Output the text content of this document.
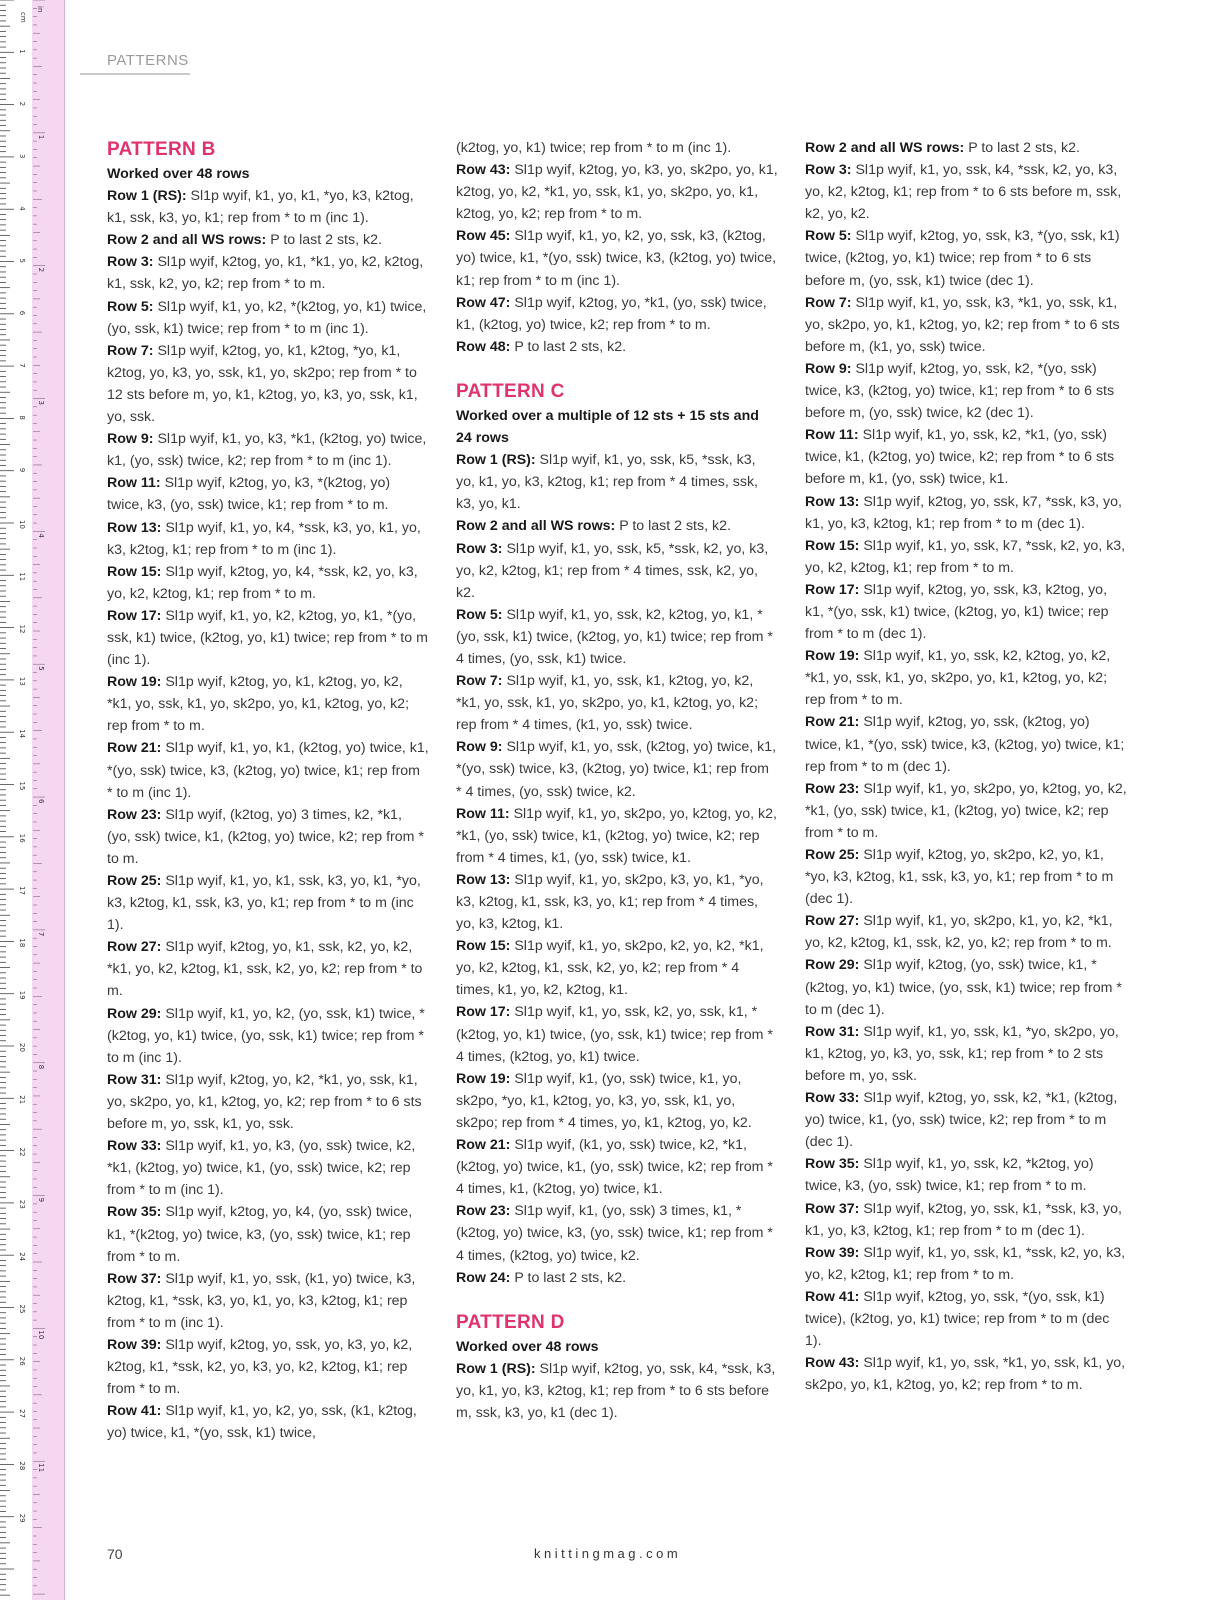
cm
1
2
3
4
5
6
7
8
9
10
11
12
13
14
15
16
17
18
19
20
21
22
23
24
25
26
27
28
29
in
1
2
3
4
5
6
7
8
9
10
11
PATTERNS
PATTERN B
Worked over 48 rows
Row 1 (RS): Sl1p wyif, k1, yo, k1, *yo, k3, k2tog, k1, ssk, k3, yo, k1; rep from * to m (inc 1).
Row 2 and all WS rows: P to last 2 sts, k2.
Row 3: Sl1p wyif, k2tog, yo, k1, *k1, yo, k2, k2tog, k1, ssk, k2, yo, k2; rep from * to m.
Row 5: Sl1p wyif, k1, yo, k2, *(k2tog, yo, k1) twice, (yo, ssk, k1) twice; rep from * to m (inc 1).
Row 7: Sl1p wyif, k2tog, yo, k1, k2tog, *yo, k1, k2tog, yo, k3, yo, ssk, k1, yo, sk2po; rep from * to 12 sts before m, yo, k1, k2tog, yo, k3, yo, ssk, k1, yo, ssk.
Row 9: Sl1p wyif, k1, yo, k3, *k1, (k2tog, yo) twice, k1, (yo, ssk) twice, k2; rep from * to m (inc 1).
Row 11: Sl1p wyif, k2tog, yo, k3, *(k2tog, yo) twice, k3, (yo, ssk) twice, k1; rep from * to m.
Row 13: Sl1p wyif, k1, yo, k4, *ssk, k3, yo, k1, yo, k3, k2tog, k1; rep from * to m (inc 1).
Row 15: Sl1p wyif, k2tog, yo, k4, *ssk, k2, yo, k3, yo, k2, k2tog, k1; rep from * to m.
Row 17: Sl1p wyif, k1, yo, k2, k2tog, yo, k1, *(yo, ssk, k1) twice, (k2tog, yo, k1) twice; rep from * to m (inc 1).
Row 19: Sl1p wyif, k2tog, yo, k1, k2tog, yo, k2, *k1, yo, ssk, k1, yo, sk2po, yo, k1, k2tog, yo, k2; rep from * to m.
Row 21: Sl1p wyif, k1, yo, k1, (k2tog, yo) twice, k1, *(yo, ssk) twice, k3, (k2tog, yo) twice, k1; rep from * to m (inc 1).
Row 23: Sl1p wyif, (k2tog, yo) 3 times, k2, *k1, (yo, ssk) twice, k1, (k2tog, yo) twice, k2; rep from * to m.
Row 25: Sl1p wyif, k1, yo, k1, ssk, k3, yo, k1, *yo, k3, k2tog, k1, ssk, k3, yo, k1; rep from * to m (inc 1).
Row 27: Sl1p wyif, k2tog, yo, k1, ssk, k2, yo, k2, *k1, yo, k2, k2tog, k1, ssk, k2, yo, k2; rep from * to m.
Row 29: Sl1p wyif, k1, yo, k2, (yo, ssk, k1) twice, *(k2tog, yo, k1) twice, (yo, ssk, k1) twice; rep from * to m (inc 1).
Row 31: Sl1p wyif, k2tog, yo, k2, *k1, yo, ssk, k1, yo, sk2po, yo, k1, k2tog, yo, k2; rep from * to 6 sts before m, yo, ssk, k1, yo, ssk.
Row 33: Sl1p wyif, k1, yo, k3, (yo, ssk) twice, k2, *k1, (k2tog, yo) twice, k1, (yo, ssk) twice, k2; rep from * to m (inc 1).
Row 35: Sl1p wyif, k2tog, yo, k4, (yo, ssk) twice, k1, *(k2tog, yo) twice, k3, (yo, ssk) twice, k1; rep from * to m.
Row 37: Sl1p wyif, k1, yo, ssk, (k1, yo) twice, k3, k2tog, k1, *ssk, k3, yo, k1, yo, k3, k2tog, k1; rep from * to m (inc 1).
Row 39: Sl1p wyif, k2tog, yo, ssk, yo, k3, yo, k2, k2tog, k1, *ssk, k2, yo, k3, yo, k2, k2tog, k1; rep from * to m.
Row 41: Sl1p wyif, k1, yo, k2, yo, ssk, (k1, k2tog, yo) twice, k1, *(yo, ssk, k1) twice,
(k2tog, yo, k1) twice; rep from * to m (inc 1).
Row 43: Sl1p wyif, k2tog, yo, k3, yo, sk2po, yo, k1, k2tog, yo, k2, *k1, yo, ssk, k1, yo, sk2po, yo, k1, k2tog, yo, k2; rep from * to m.
Row 45: Sl1p wyif, k1, yo, k2, yo, ssk, k3, (k2tog, yo) twice, k1, *(yo, ssk) twice, k3, (k2tog, yo) twice, k1; rep from * to m (inc 1).
Row 47: Sl1p wyif, k2tog, yo, *k1, (yo, ssk) twice, k1, (k2tog, yo) twice, k2; rep from * to m.
Row 48: P to last 2 sts, k2.
PATTERN C
Worked over a multiple of 12 sts + 15 sts and 24 rows
Row 1 (RS): Sl1p wyif, k1, yo, ssk, k5, *ssk, k3, yo, k1, yo, k3, k2tog, k1; rep from * 4 times, ssk, k3, yo, k1.
Row 2 and all WS rows: P to last 2 sts, k2.
Row 3: Sl1p wyif, k1, yo, ssk, k5, *ssk, k2, yo, k3, yo, k2, k2tog, k1; rep from * 4 times, ssk, k2, yo, k2.
Row 5: Sl1p wyif, k1, yo, ssk, k2, k2tog, yo, k1, *(yo, ssk, k1) twice, (k2tog, yo, k1) twice; rep from * 4 times, (yo, ssk, k1) twice.
Row 7: Sl1p wyif, k1, yo, ssk, k1, k2tog, yo, k2, *k1, yo, ssk, k1, yo, sk2po, yo, k1, k2tog, yo, k2; rep from * 4 times, (k1, yo, ssk) twice.
Row 9: Sl1p wyif, k1, yo, ssk, (k2tog, yo) twice, k1, *(yo, ssk) twice, k3, (k2tog, yo) twice, k1; rep from * 4 times, (yo, ssk) twice, k2.
Row 11: Sl1p wyif, k1, yo, sk2po, yo, k2tog, yo, k2, *k1, (yo, ssk) twice, k1, (k2tog, yo) twice, k2; rep from * 4 times, k1, (yo, ssk) twice, k1.
Row 13: Sl1p wyif, k1, yo, sk2po, k3, yo, k1, *yo, k3, k2tog, k1, ssk, k3, yo, k1; rep from * 4 times, yo, k3, k2tog, k1.
Row 15: Sl1p wyif, k1, yo, sk2po, k2, yo, k2, *k1, yo, k2, k2tog, k1, ssk, k2, yo, k2; rep from * 4 times, k1, yo, k2, k2tog, k1.
Row 17: Sl1p wyif, k1, yo, ssk, k2, yo, ssk, k1, *(k2tog, yo, k1) twice, (yo, ssk, k1) twice; rep from * 4 times, (k2tog, yo, k1) twice.
Row 19: Sl1p wyif, k1, (yo, ssk) twice, k1, yo, sk2po, *yo, k1, k2tog, yo, k3, yo, ssk, k1, yo, sk2po; rep from * 4 times, yo, k1, k2tog, yo, k2.
Row 21: Sl1p wyif, (k1, yo, ssk) twice, k2, *k1, (k2tog, yo) twice, k1, (yo, ssk) twice, k2; rep from * 4 times, k1, (k2tog, yo) twice, k1.
Row 23: Sl1p wyif, k1, (yo, ssk) 3 times, k1, *(k2tog, yo) twice, k3, (yo, ssk) twice, k1; rep from * 4 times, (k2tog, yo) twice, k2.
Row 24: P to last 2 sts, k2.
PATTERN D
Worked over 48 rows
Row 1 (RS): Sl1p wyif, k2tog, yo, ssk, k4, *ssk, k3, yo, k1, yo, k3, k2tog, k1; rep from * to 6 sts before m, ssk, k3, yo, k1 (dec 1).
Row 2 and all WS rows: P to last 2 sts, k2.
Row 3: Sl1p wyif, k1, yo, ssk, k4, *ssk, k2, yo, k3, yo, k2, k2tog, k1; rep from * to 6 sts before m, ssk, k2, yo, k2.
Row 5: Sl1p wyif, k2tog, yo, ssk, k3, *(yo, ssk, k1) twice, (k2tog, yo, k1) twice; rep from * to 6 sts before m, (yo, ssk, k1) twice (dec 1).
Row 7: Sl1p wyif, k1, yo, ssk, k3, *k1, yo, ssk, k1, yo, sk2po, yo, k1, k2tog, yo, k2; rep from * to 6 sts before m, (k1, yo, ssk) twice.
Row 9: Sl1p wyif, k2tog, yo, ssk, k2, *(yo, ssk) twice, k3, (k2tog, yo) twice, k1; rep from * to 6 sts before m, (yo, ssk) twice, k2 (dec 1).
Row 11: Sl1p wyif, k1, yo, ssk, k2, *k1, (yo, ssk) twice, k1, (k2tog, yo) twice, k2; rep from * to 6 sts before m, k1, (yo, ssk) twice, k1.
Row 13: Sl1p wyif, k2tog, yo, ssk, k7, *ssk, k3, yo, k1, yo, k3, k2tog, k1; rep from * to m (dec 1).
Row 15: Sl1p wyif, k1, yo, ssk, k7, *ssk, k2, yo, k3, yo, k2, k2tog, k1; rep from * to m.
Row 17: Sl1p wyif, k2tog, yo, ssk, k3, k2tog, yo, k1, *(yo, ssk, k1) twice, (k2tog, yo, k1) twice; rep from * to m (dec 1).
Row 19: Sl1p wyif, k1, yo, ssk, k2, k2tog, yo, k2, *k1, yo, ssk, k1, yo, sk2po, yo, k1, k2tog, yo, k2; rep from * to m.
Row 21: Sl1p wyif, k2tog, yo, ssk, (k2tog, yo) twice, k1, *(yo, ssk) twice, k3, (k2tog, yo) twice, k1; rep from * to m (dec 1).
Row 23: Sl1p wyif, k1, yo, sk2po, yo, k2tog, yo, k2, *k1, (yo, ssk) twice, k1, (k2tog, yo) twice, k2; rep from * to m.
Row 25: Sl1p wyif, k2tog, yo, sk2po, k2, yo, k1, *yo, k3, k2tog, k1, ssk, k3, yo, k1; rep from * to m (dec 1).
Row 27: Sl1p wyif, k1, yo, sk2po, k1, yo, k2, *k1, yo, k2, k2tog, k1, ssk, k2, yo, k2; rep from * to m.
Row 29: Sl1p wyif, k2tog, (yo, ssk) twice, k1, *(k2tog, yo, k1) twice, (yo, ssk, k1) twice; rep from * to m (dec 1).
Row 31: Sl1p wyif, k1, yo, ssk, k1, *yo, sk2po, yo, k1, k2tog, yo, k3, yo, ssk, k1; rep from * to 2 sts before m, yo, ssk.
Row 33: Sl1p wyif, k2tog, yo, ssk, k2, *k1, (k2tog, yo) twice, k1, (yo, ssk) twice, k2; rep from * to m (dec 1).
Row 35: Sl1p wyif, k1, yo, ssk, k2, *k2tog, yo) twice, k3, (yo, ssk) twice, k1; rep from * to m.
Row 37: Sl1p wyif, k2tog, yo, ssk, k1, *ssk, k3, yo, k1, yo, k3, k2tog, k1; rep from * to m (dec 1).
Row 39: Sl1p wyif, k1, yo, ssk, k1, *ssk, k2, yo, k3, yo, k2, k2tog, k1; rep from * to m.
Row 41: Sl1p wyif, k2tog, yo, ssk, *(yo, ssk, k1) twice), (k2tog, yo, k1) twice; rep from * to m (dec 1).
Row 43: Sl1p wyif, k1, yo, ssk, *k1, yo, ssk, k1, yo, sk2po, yo, k1, k2tog, yo, k2; rep from * to m.
70	knittingmag.com
